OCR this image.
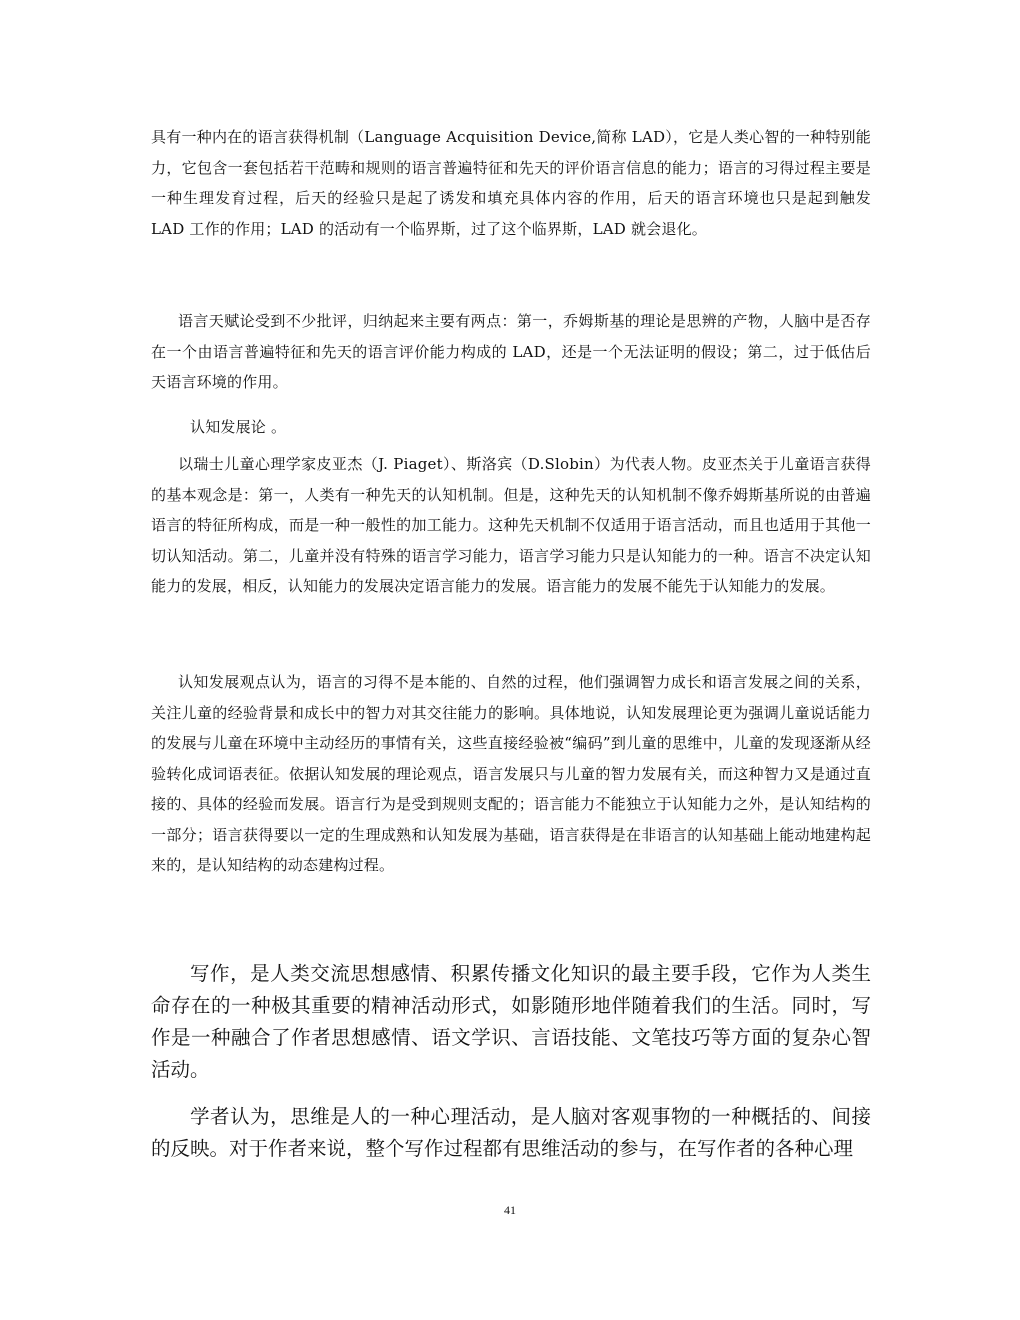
具有一种内在的语言获得机制（Language Acquisition Device,简称 LAD），它是人类心智的一种特别能力，它包含一套包括若干范畴和规则的语言普遍特征和先天的评价语言信息的能力；语言的习得过程主要是一种生理发育过程，后天的经验只是起了诱发和填充具体内容的作用，后天的语言环境也只是起到触发 LAD 工作的作用；LAD 的活动有一个临界斯，过了这个临界斯，LAD 就会退化。

语言天赋论受到不少批评，归纳起来主要有两点：第一，乔姆斯基的理论是思辨的产物，人脑中是否存在一个由语言普遍特征和先天的语言评价能力构成的 LAD，还是一个无法证明的假设；第二，过于低估后天语言环境的作用。

认知发展论 。

以瑞士儿童心理学家皮亚杰（J. Piaget）、斯洛宾（D.Slobin）为代表人物。皮亚杰关于儿童语言获得的基本观念是：第一，人类有一种先天的认知机制。但是，这种先天的认知机制不像乔姆斯基所说的由普遍语言的特征所构成，而是一种一般性的加工能力。这种先天机制不仅适用于语言活动，而且也适用于其他一切认知活动。第二，儿童并没有特殊的语言学习能力，语言学习能力只是认知能力的一种。语言不决定认知能力的发展，相反，认知能力的发展决定语言能力的发展。语言能力的发展不能先于认知能力的发展。

认知发展观点认为，语言的习得不是本能的、自然的过程，他们强调智力成长和语言发展之间的关系，关注儿童的经验背景和成长中的智力对其交往能力的影响。具体地说，认知发展理论更为强调儿童说话能力的发展与儿童在环境中主动经历的事情有关，这些直接经验被“编码”到儿童的思维中，儿童的发现逐渐从经验转化成词语表征。依据认知发展的理论观点，语言发展只与儿童的智力发展有关，而这种智力又是通过直接的、具体的经验而发展。语言行为是受到规则支配的；语言能力不能独立于认知能力之外，是认知结构的一部分；语言获得要以一定的生理成熟和认知发展为基础，语言获得是在非语言的认知基础上能动地建构起来的，是认知结构的动态建构过程。

写作，是人类交流思想感情、积累传播文化知识的最主要手段，它作为人类生命存在的一种极其重要的精神活动形式，如影随形地伴随着我们的生活。同时，写作是一种融合了作者思想感情、语文学识、言语技能、文笔技巧等方面的复杂心智活动。

学者认为，思维是人的一种心理活动，是人脑对客观事物的一种概括的、间接的反映。对于作者来说，整个写作过程都有思维活动的参与，在写作者的各种心理

41
